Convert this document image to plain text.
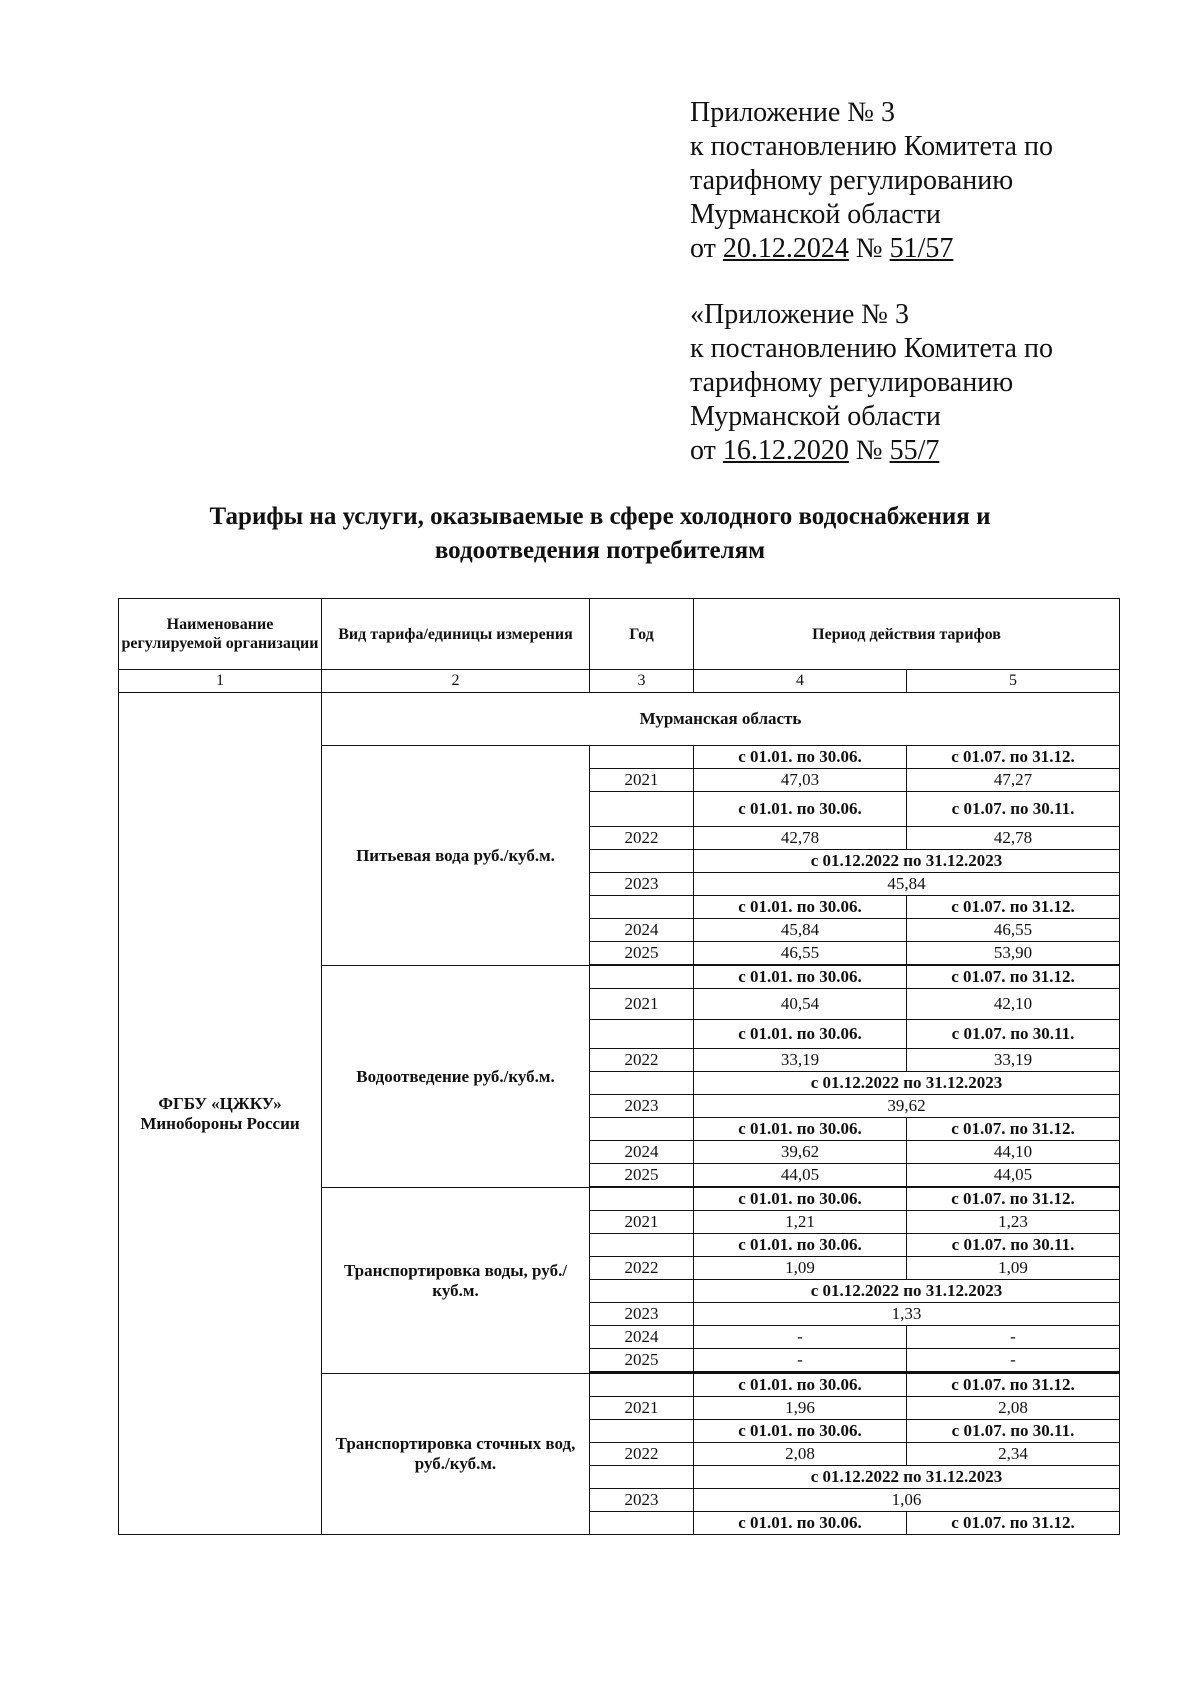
Приложение № 3
к постановлению Комитета по
тарифному регулированию
Мурманской области
от 20.12.2024 № 51/57
«Приложение № 3
к постановлению Комитета по
тарифному регулированию
Мурманской области
от 16.12.2020 № 55/7
Тарифы на услуги, оказываемые в сфере холодного водоснабжения и
водоотведения потребителям
Наименование регулируемой организации	Вид тарифа/единицы измерения	Год	Период действия тарифов	
1	2	3	4	5
ФГБУ «ЦЖКУ» Минобороны России	Мурманская область			
	Питьевая вода руб./куб.м.		с 01.01. по 30.06.	с 01.07. по 31.12.
		2021	47,03	47,27
			с 01.01. по 30.06.	с 01.07. по 30.11.
		2022	42,78	42,78
			с 01.12.2022 по 31.12.2023	
		2023	45,84	
			с 01.01. по 30.06.	с 01.07. по 31.12.
		2024	45,84	46,55
		2025	46,55	53,90

	Водоотведение руб./куб.м.		с 01.01. по 30.06.	с 01.07. по 31.12.
		2021	40,54	42,10
			с 01.01. по 30.06.	с 01.07. по 30.11.
		2022	33,19	33,19
			с 01.12.2022 по 31.12.2023	
		2023	39,62	
			с 01.01. по 30.06.	с 01.07. по 31.12.
		2024	39,62	44,10
		2025	44,05	44,05

	Транспортировка воды, руб./куб.м.		с 01.01. по 30.06.	с 01.07. по 31.12.
		2021	1,21	1,23
			с 01.01. по 30.06.	с 01.07. по 30.11.
		2022	1,09	1,09
			с 01.12.2022 по 31.12.2023	
		2023	1,33	
		2024	-	-
		2025	-	-

	Транспортировка сточных вод, руб./куб.м.		с 01.01. по 30.06.	с 01.07. по 31.12.
		2021	1,96	2,08
			с 01.01. по 30.06.	с 01.07. по 30.11.
		2022	2,08	2,34
			с 01.12.2022 по 31.12.2023	
		2023	1,06	
			с 01.01. по 30.06.	с 01.07. по 31.12.
